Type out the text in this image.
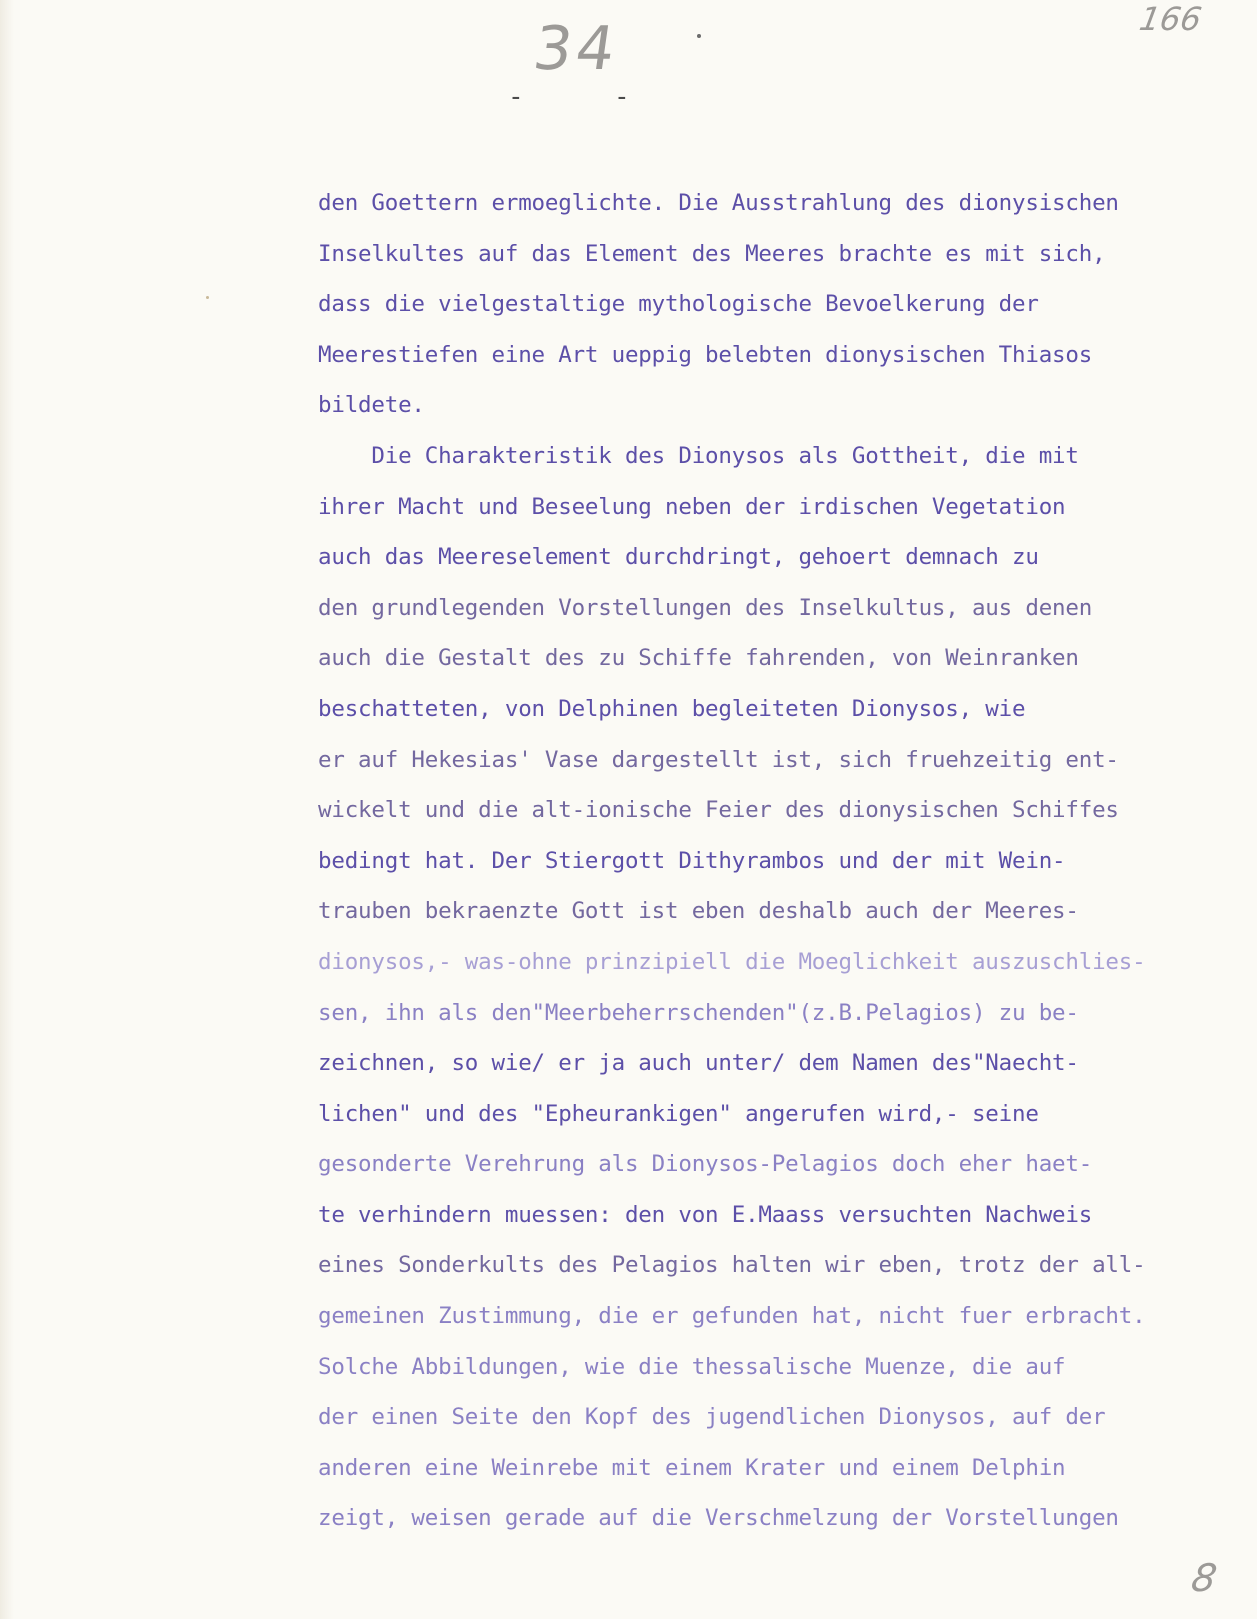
34	166
8
-	-
den Goettern ermoeglichte. Die Ausstrahlung des dionysischen
Inselkultes auf das Element des Meeres brachte es mit sich,
dass die vielgestaltige mythologische Bevoelkerung der
Meerestiefen eine Art ueppig belebten dionysischen Thiasos
bildete.
Die Charakteristik des Dionysos als Gottheit, die mit
ihrer Macht und Beseelung neben der irdischen Vegetation
auch das Meereselement durchdringt, gehoert demnach zu
den grundlegenden Vorstellungen des Inselkultus, aus denen
auch die Gestalt des zu Schiffe fahrenden, von Weinranken
beschatteten, von Delphinen begleiteten Dionysos, wie
er auf Hekesias' Vase dargestellt ist, sich fruehzeitig ent-
wickelt und die alt-ionische Feier des dionysischen Schiffes
bedingt hat. Der Stiergott Dithyrambos und der mit Wein-
trauben bekraenzte Gott ist eben deshalb auch der Meeres-
dionysos,- was-ohne prinzipiell die Moeglichkeit auszuschlies-
sen, ihn als den"Meerbeherrschenden"(z.B.Pelagios) zu be-
zeichnen, so wie/ er ja auch unter/ dem Namen des"Naecht-
lichen" und des "Epheurankigen" angerufen wird,- seine
gesonderte Verehrung als Dionysos-Pelagios doch eher haet-
te verhindern muessen: den von E.Maass versuchten Nachweis
eines Sonderkults des Pelagios halten wir eben, trotz der all-
gemeinen Zustimmung, die er gefunden hat, nicht fuer erbracht.
Solche Abbildungen, wie die thessalische Muenze, die auf
der einen Seite den Kopf des jugendlichen Dionysos, auf der
anderen eine Weinrebe mit einem Krater und einem Delphin
zeigt, weisen gerade auf die Verschmelzung der Vorstellungen
